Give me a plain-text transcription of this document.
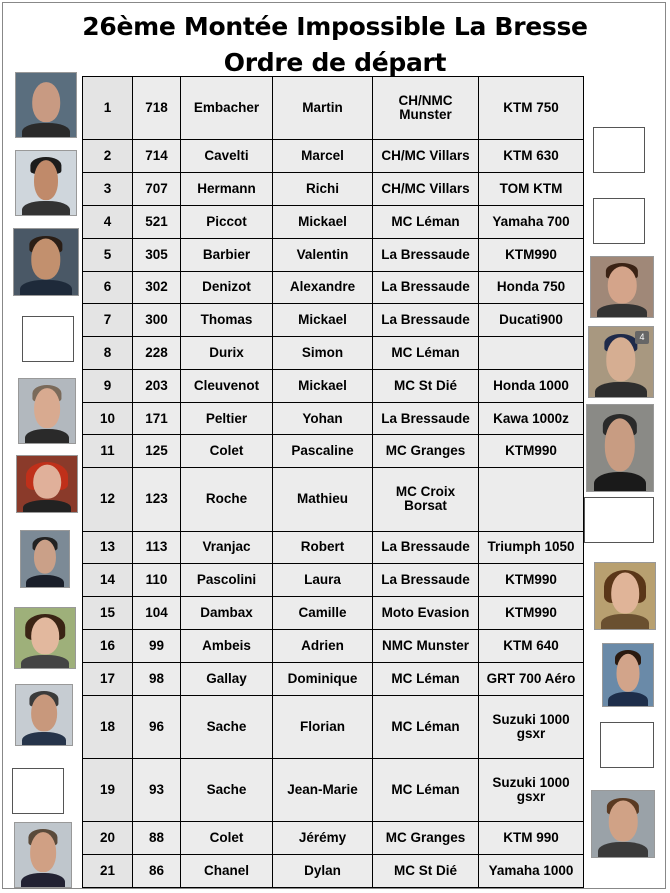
26ème Montée Impossible La Bresse
Ordre de départ
1	718	Embacher	Martin	CH/NMC Munster	KTM 750
2	714	Cavelti	Marcel	CH/MC Villars	KTM 630
3	707	Hermann	Richi	CH/MC Villars	TOM KTM
4	521	Piccot	Mickael	MC Léman	Yamaha 700
5	305	Barbier	Valentin	La Bressaude	KTM990
6	302	Denizot	Alexandre	La Bressaude	Honda 750
7	300	Thomas	Mickael	La Bressaude	Ducati900
8	228	Durix	Simon	MC Léman	
9	203	Cleuvenot	Mickael	MC St Dié	Honda 1000
10	171	Peltier	Yohan	La Bressaude	Kawa 1000z
11	125	Colet	Pascaline	MC Granges	KTM990
12	123	Roche	Mathieu	MC Croix Borsat	
13	113	Vranjac	Robert	La Bressaude	Triumph 1050
14	110	Pascolini	Laura	La Bressaude	KTM990
15	104	Dambax	Camille	Moto Evasion	KTM990
16	99	Ambeis	Adrien	NMC Munster	KTM 640
17	98	Gallay	Dominique	MC Léman	GRT 700 Aéro
18	96	Sache	Florian	MC Léman	Suzuki 1000 gsxr
19	93	Sache	Jean-Marie	MC Léman	Suzuki 1000 gsxr
20	88	Colet	Jérémy	MC Granges	KTM 990
21	86	Chanel	Dylan	MC St Dié	Yamaha 1000
4
